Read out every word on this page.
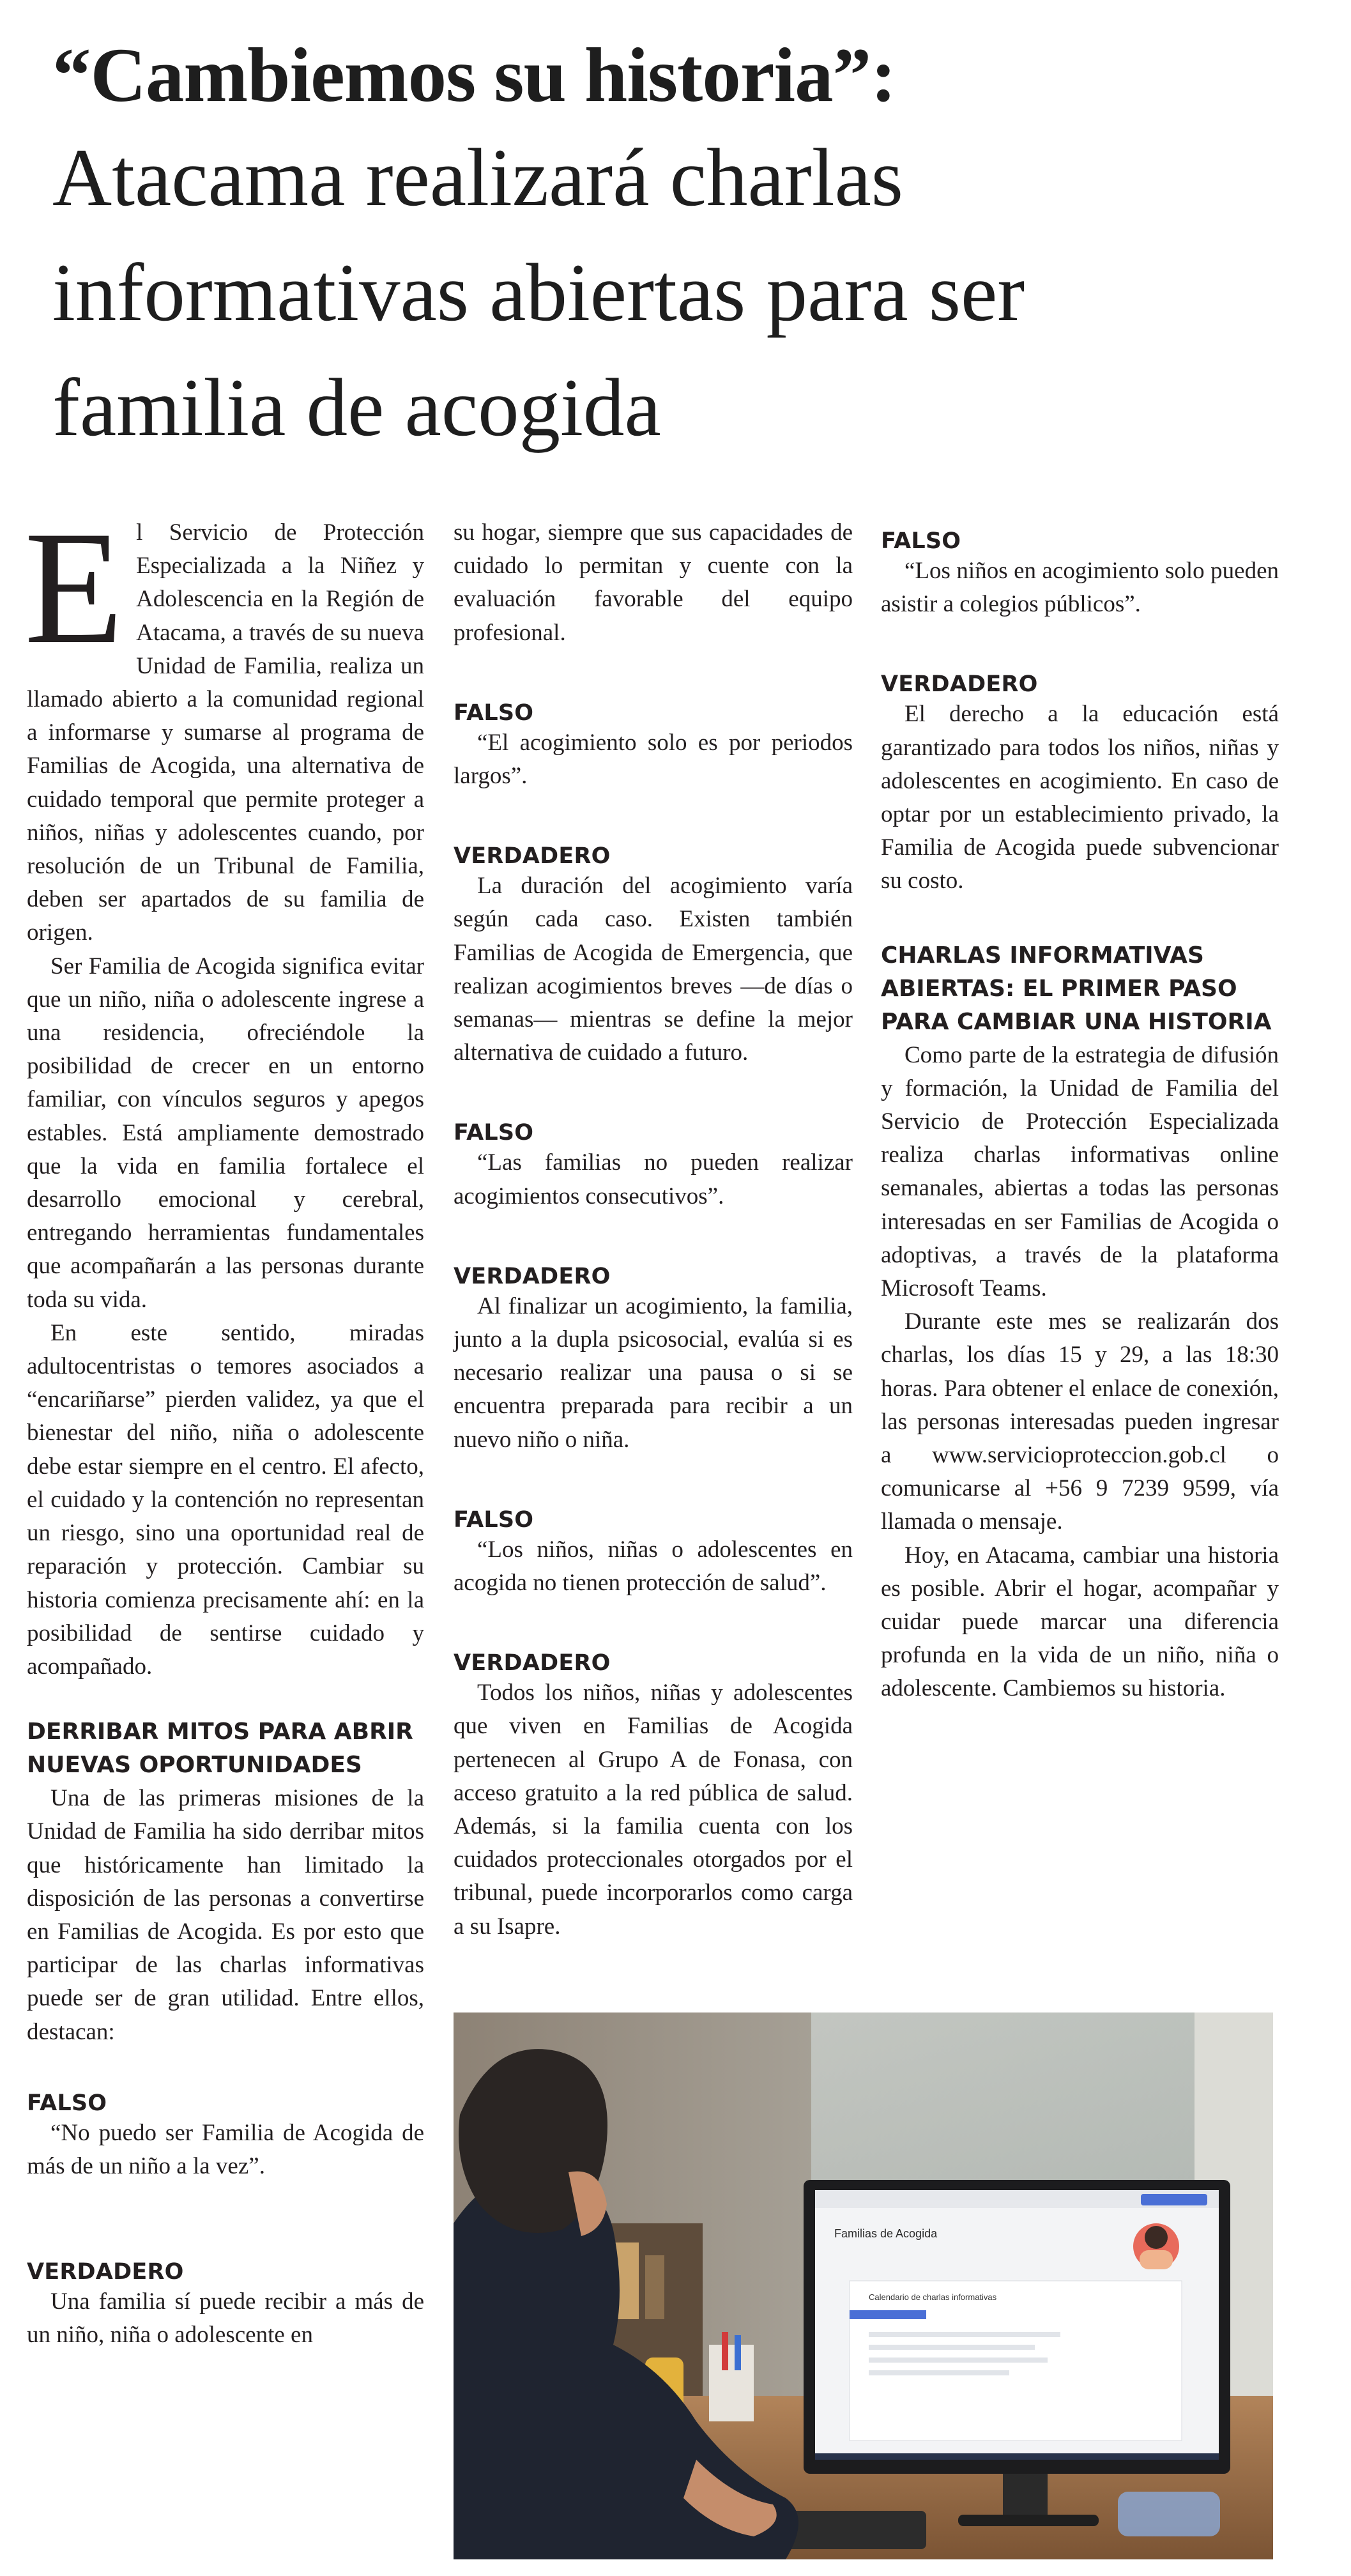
“Cambiemos su historia”:
Atacama realizará charlas
informativas abiertas para ser
familia de acogida

El Servicio de Protección Especializada a la Niñez y Adolescencia en la Región de Atacama, a través de su nueva Unidad de Familia, realiza un llamado abierto a la comunidad regional a informarse y sumarse al programa de Familias de Acogida, una alternativa de cuidado temporal que permite proteger a niños, niñas y adolescentes cuando, por resolución de un Tribunal de Familia, deben ser apartados de su familia de origen.

Ser Familia de Acogida significa evitar que un niño, niña o adolescente ingrese a una residencia, ofreciéndole la posibilidad de crecer en un entorno familiar, con vínculos seguros y apegos estables. Está ampliamente demostrado que la vida en familia fortalece el desarrollo emocional y cerebral, entregando herramientas fundamentales que acompañarán a las personas durante toda su vida.

En este sentido, miradas adultocentristas o temores asociados a “encariñarse” pierden validez, ya que el bienestar del niño, niña o adolescente debe estar siempre en el centro. El afecto, el cuidado y la contención no representan un riesgo, sino una oportunidad real de reparación y protección. Cambiar su historia comienza precisamente ahí: en la posibilidad de sentirse cuidado y acompañado.

DERRIBAR MITOS PARA ABRIR NUEVAS OPORTUNIDADES

Una de las primeras misiones de la Unidad de Familia ha sido derribar mitos que históricamente han limitado la disposición de las personas a convertirse en Familias de Acogida. Es por esto que participar de las charlas informativas puede ser de gran utilidad. Entre ellos, destacan:

FALSO

“No puedo ser Familia de Acogida de más de un niño a la vez”.

VERDADERO

Una familia sí puede recibir a más de un niño, niña o adolescente en

su hogar, siempre que sus capacidades de cuidado lo permitan y cuente con la evaluación favorable del equipo profesional.

FALSO

“El acogimiento solo es por periodos largos”.

VERDADERO

La duración del acogimiento varía según cada caso. Existen también Familias de Acogida de Emergencia, que realizan acogimientos breves —de días o semanas— mientras se define la mejor alternativa de cuidado a futuro.

FALSO

“Las familias no pueden realizar acogimientos consecutivos”.

VERDADERO

Al finalizar un acogimiento, la familia, junto a la dupla psicosocial, evalúa si es necesario realizar una pausa o si se encuentra preparada para recibir a un nuevo niño o niña.

FALSO

“Los niños, niñas o adolescentes en acogida no tienen protección de salud”.

VERDADERO

Todos los niños, niñas y adolescentes que viven en Familias de Acogida pertenecen al Grupo A de Fonasa, con acceso gratuito a la red pública de salud. Además, si la familia cuenta con los cuidados proteccionales otorgados por el tribunal, puede incorporarlos como carga a su Isapre.

FALSO

“Los niños en acogimiento solo pueden asistir a colegios públicos”.

VERDADERO

El derecho a la educación está garantizado para todos los niños, niñas y adolescentes en acogimiento. En caso de optar por un establecimiento privado, la Familia de Acogida puede subvencionar su costo.

CHARLAS INFORMATIVAS ABIERTAS: EL PRIMER PASO PARA CAMBIAR UNA HISTORIA

Como parte de la estrategia de difusión y formación, la Unidad de Familia del Servicio de Protección Especializada realiza charlas informativas online semanales, abiertas a todas las personas interesadas en ser Familias de Acogida o adoptivas, a través de la plataforma Microsoft Teams.

Durante este mes se realizarán dos charlas, los días 15 y 29, a las 18:30 horas. Para obtener el enlace de conexión, las personas interesadas pueden ingresar a www.servicioproteccion.gob.cl o comunicarse al +56 9 7239 9599, vía llamada o mensaje.

Hoy, en Atacama, cambiar una historia es posible. Abrir el hogar, acompañar y cuidar puede marcar una diferencia profunda en la vida de un niño, niña o adolescente. Cambiemos su historia.

Familias de Acogida
Calendario de charlas informativas
